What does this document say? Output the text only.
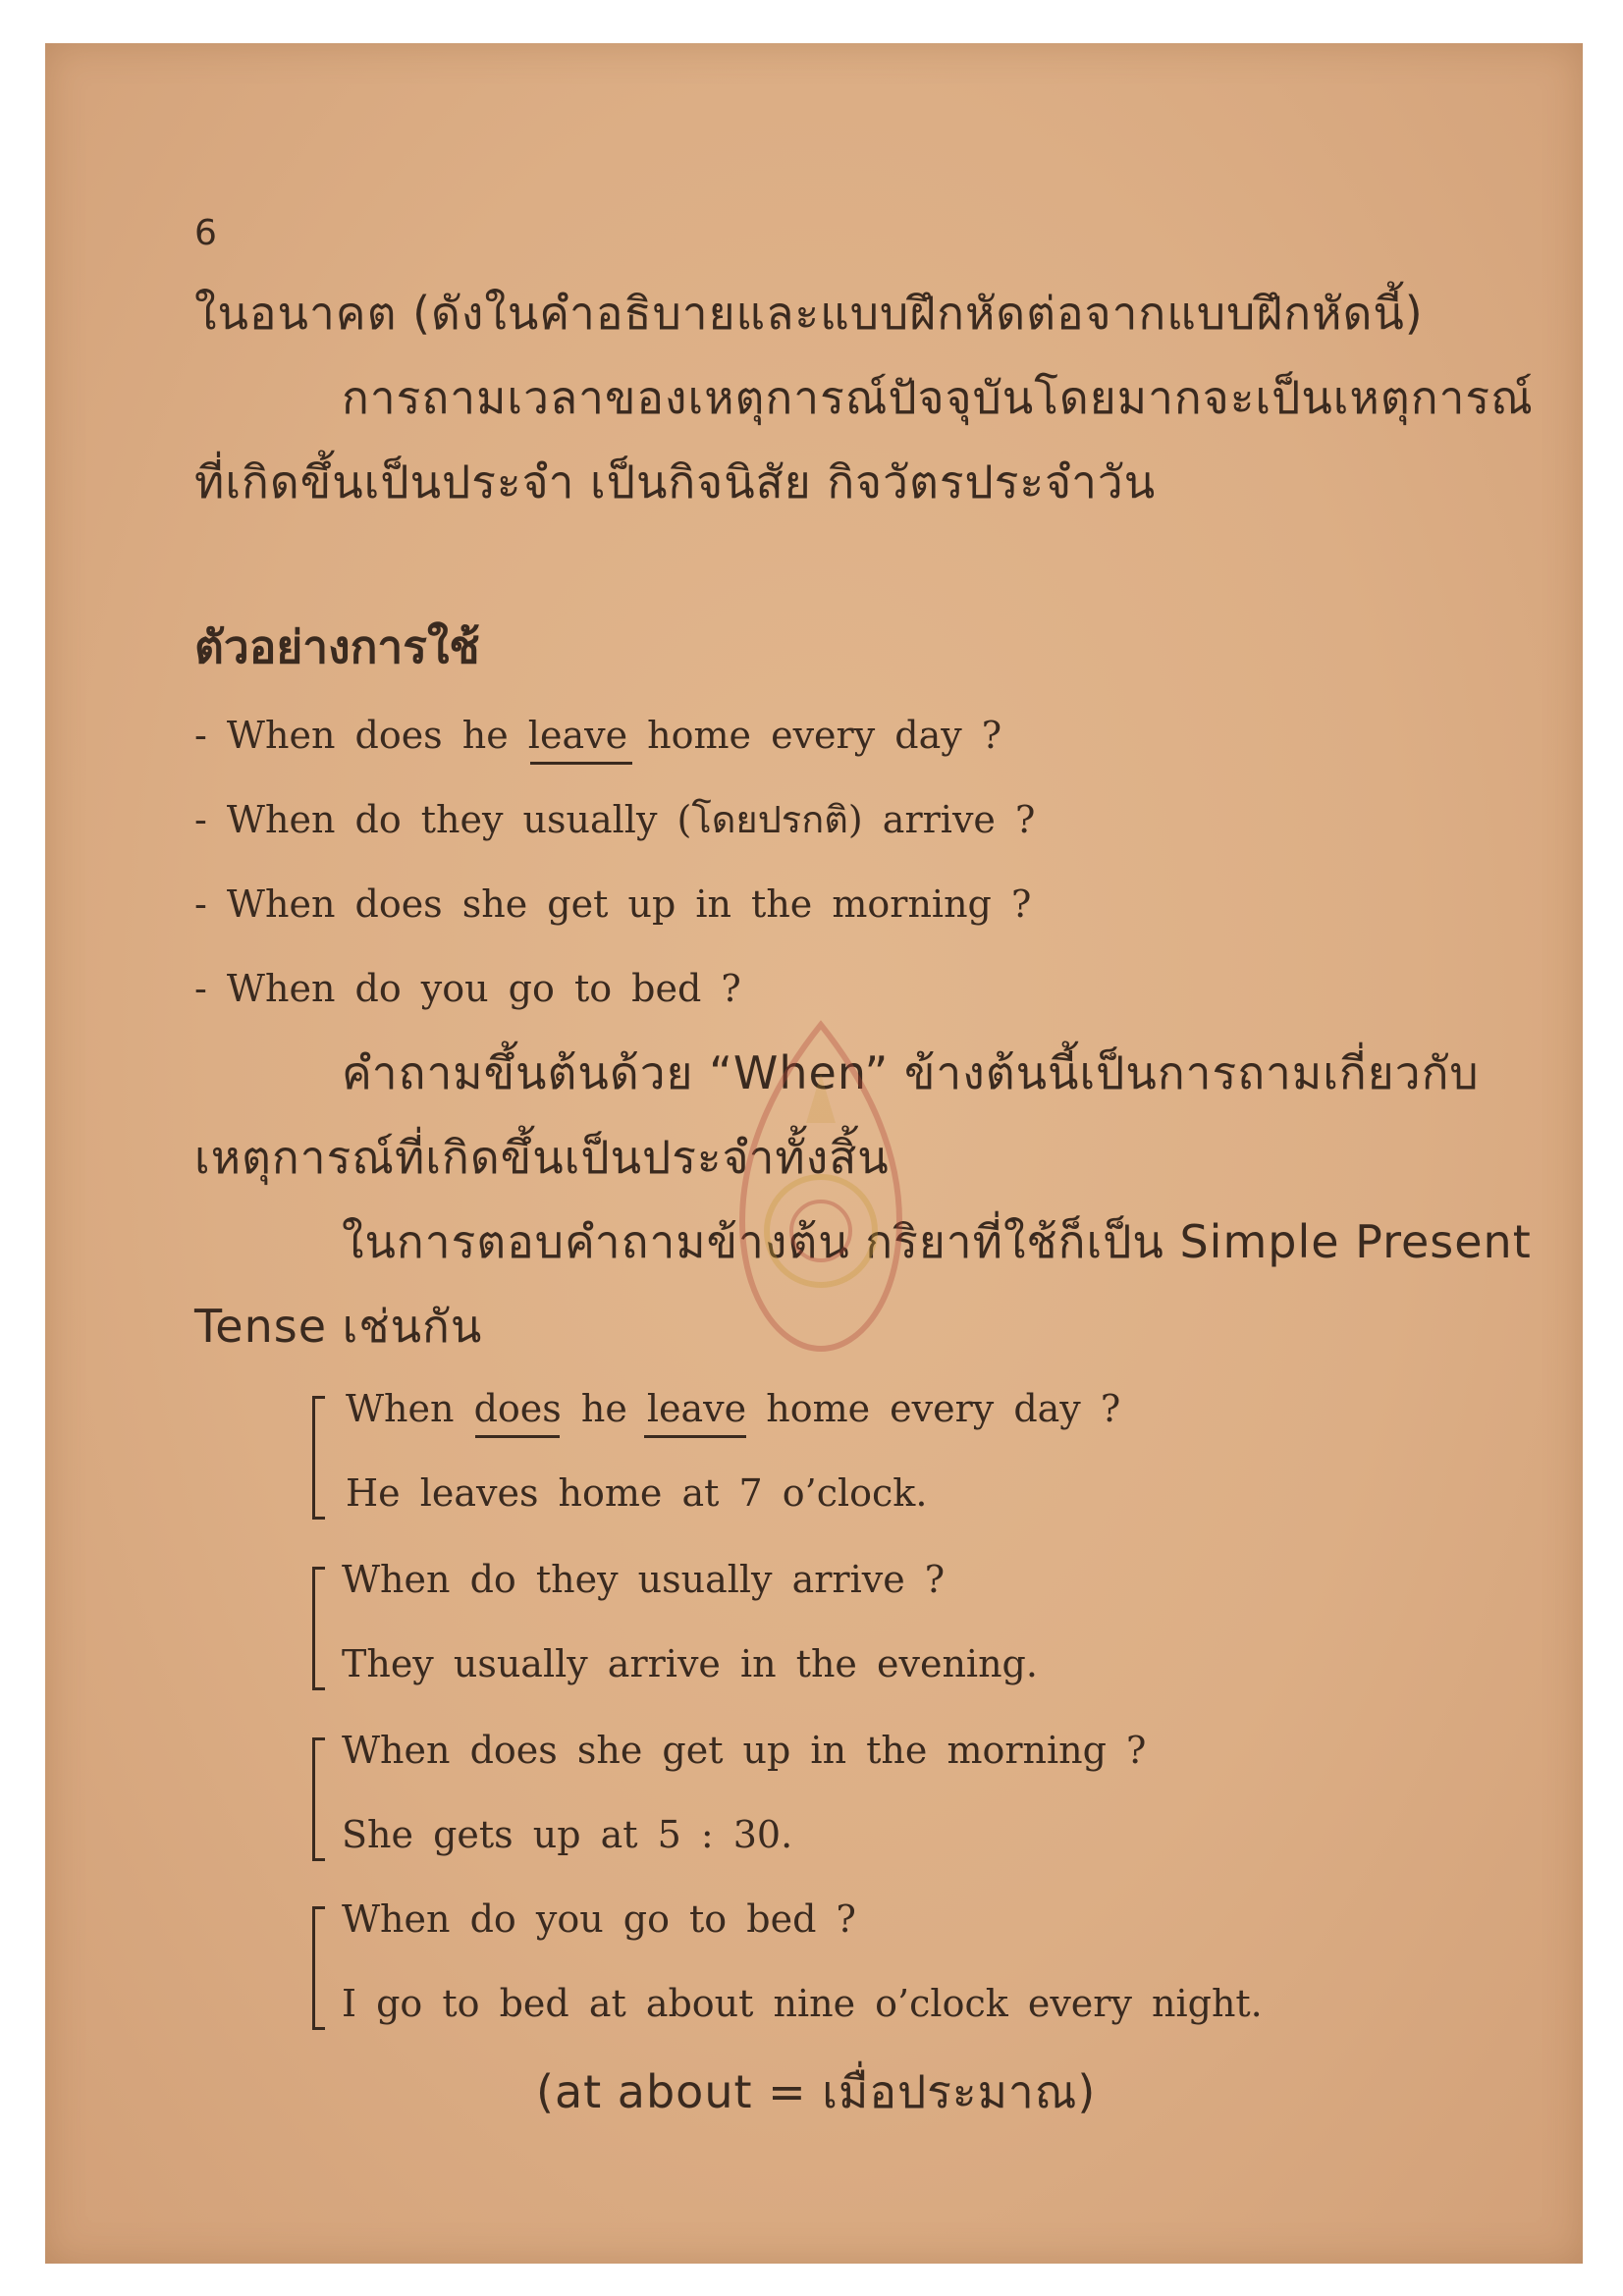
6
ในอนาคต (ดังในคำอธิบายและแบบฝึกหัดต่อจากแบบฝึกหัดนี้)
การถามเวลาของเหตุการณ์ปัจจุบันโดยมากจะเป็นเหตุการณ์
ที่เกิดขึ้นเป็นประจำ เป็นกิจนิสัย กิจวัตรประจำวัน
ตัวอย่างการใช้
- When does he leave home every day ?
- When do they usually (โดยปรกติ) arrive ?
- When does she get up in the morning ?
- When do you go to bed ?
คำถามขึ้นต้นด้วย “When” ข้างต้นนี้เป็นการถามเกี่ยวกับ
เหตุการณ์ที่เกิดขึ้นเป็นประจำทั้งสิ้น
ในการตอบคำถามข้างต้น กริยาที่ใช้ก็เป็น Simple Present
Tense เช่นกัน
When does he leave home every day ?
He leaves home at 7 o’clock.
When do they usually arrive ?
They usually arrive in the evening.
When does she get up in the morning ?
She gets up at 5 : 30.
When do you go to bed ?
I go to bed at about nine o’clock every night.
(at about = เมื่อประมาณ)
